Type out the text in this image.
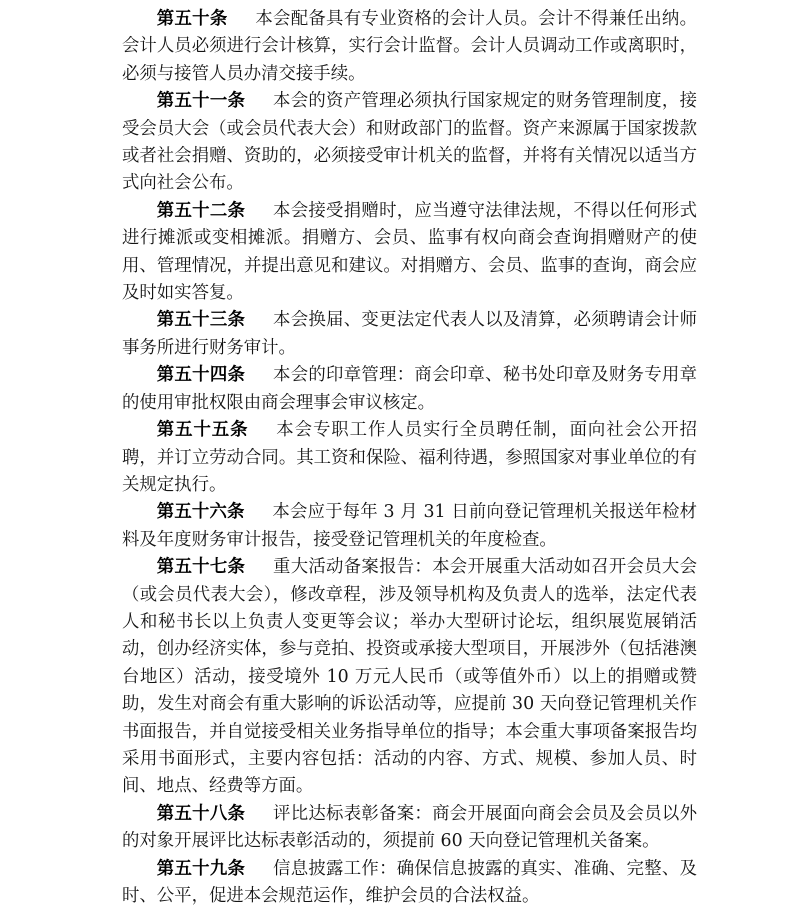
第五十条 本会配备具有专业资格的会计人员。会计不得兼任出纳。会计人员必须进行会计核算，实行会计监督。会计人员调动工作或离职时，必须与接管人员办清交接手续。

第五十一条 本会的资产管理必须执行国家规定的财务管理制度，接受会员大会（或会员代表大会）和财政部门的监督。资产来源属于国家拨款或者社会捐赠、资助的，必须接受审计机关的监督，并将有关情况以适当方式向社会公布。

第五十二条 本会接受捐赠时，应当遵守法律法规，不得以任何形式进行摊派或变相摊派。捐赠方、会员、监事有权向商会查询捐赠财产的使用、管理情况，并提出意见和建议。对捐赠方、会员、监事的查询，商会应及时如实答复。

第五十三条 本会换届、变更法定代表人以及清算，必须聘请会计师事务所进行财务审计。

第五十四条 本会的印章管理：商会印章、秘书处印章及财务专用章的使用审批权限由商会理事会审议核定。

第五十五条 本会专职工作人员实行全员聘任制，面向社会公开招聘，并订立劳动合同。其工资和保险、福利待遇，参照国家对事业单位的有关规定执行。

第五十六条 本会应于每年 3 月 31 日前向登记管理机关报送年检材料及年度财务审计报告，接受登记管理机关的年度检查。

第五十七条 重大活动备案报告：本会开展重大活动如召开会员大会（或会员代表大会），修改章程，涉及领导机构及负责人的选举，法定代表人和秘书长以上负责人变更等会议；举办大型研讨论坛，组织展览展销活动，创办经济实体，参与竞拍、投资或承接大型项目，开展涉外（包括港澳台地区）活动，接受境外 10 万元人民币（或等值外币）以上的捐赠或赞助，发生对商会有重大影响的诉讼活动等，应提前 30 天向登记管理机关作书面报告，并自觉接受相关业务指导单位的指导；本会重大事项备案报告均采用书面形式，主要内容包括：活动的内容、方式、规模、参加人员、时间、地点、经费等方面。

第五十八条 评比达标表彰备案：商会开展面向商会会员及会员以外的对象开展评比达标表彰活动的，须提前 60 天向登记管理机关备案。

第五十九条 信息披露工作：确保信息披露的真实、准确、完整、及时、公平，促进本会规范运作，维护会员的合法权益。
